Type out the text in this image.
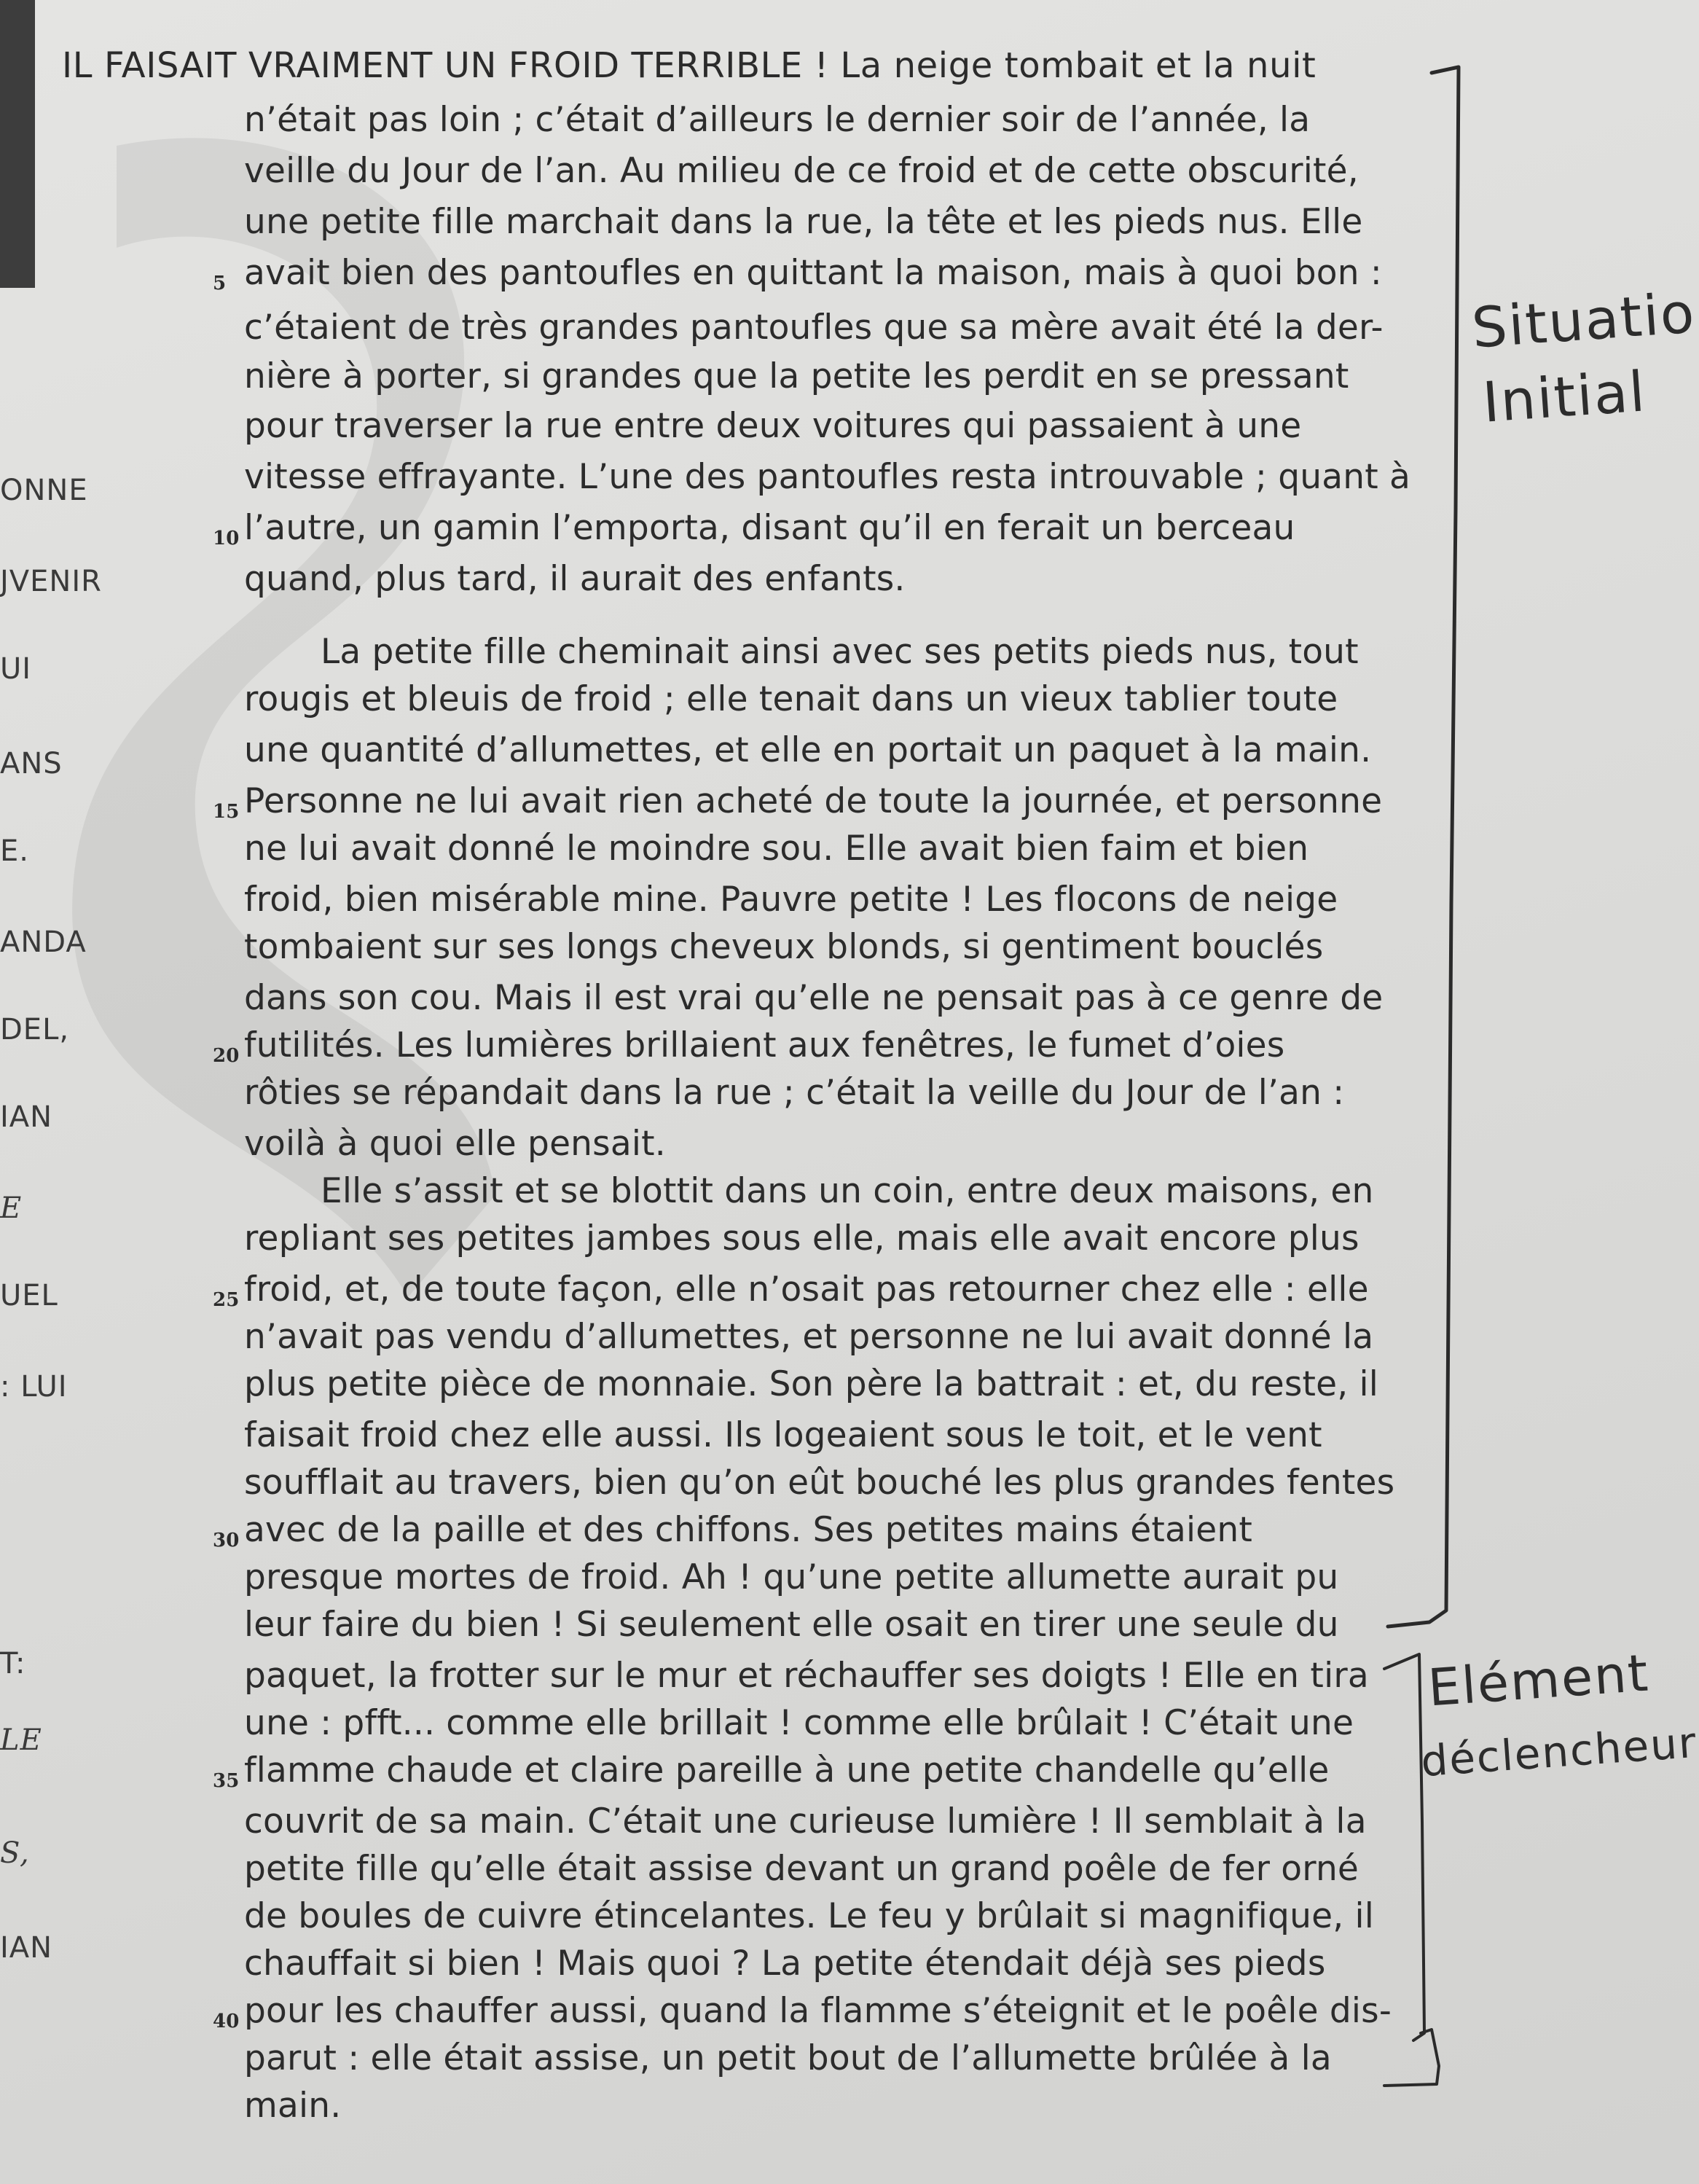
IL FAISAIT VRAIMENT UN FROID TERRIBLE ! La neige tombait et la nuit
n’était pas loin ; c’était d’ailleurs le dernier soir de l’année, la
veille du Jour de l’an. Au milieu de ce froid et de cette obscurité,
une petite fille marchait dans la rue, la tête et les pieds nus. Elle
avait bien des pantoufles en quittant la maison, mais à quoi bon :
5
c’étaient de très grandes pantoufles que sa mère avait été la der-
nière à porter, si grandes que la petite les perdit en se pressant
pour traverser la rue entre deux voitures qui passaient à une
vitesse effrayante. L’une des pantoufles resta introuvable ; quant à
l’autre, un gamin l’emporta, disant qu’il en ferait un berceau
10
quand, plus tard, il aurait des enfants.
La petite fille cheminait ainsi avec ses petits pieds nus, tout
rougis et bleuis de froid ; elle tenait dans un vieux tablier toute
une quantité d’allumettes, et elle en portait un paquet à la main.
Personne ne lui avait rien acheté de toute la journée, et personne
15
ne lui avait donné le moindre sou. Elle avait bien faim et bien
froid, bien misérable mine. Pauvre petite ! Les flocons de neige
tombaient sur ses longs cheveux blonds, si gentiment bouclés
dans son cou. Mais il est vrai qu’elle ne pensait pas à ce genre de
futilités. Les lumières brillaient aux fenêtres, le fumet d’oies
20
rôties se répandait dans la rue ; c’était la veille du Jour de l’an :
voilà à quoi elle pensait.
Elle s’assit et se blottit dans un coin, entre deux maisons, en
repliant ses petites jambes sous elle, mais elle avait encore plus
froid, et, de toute façon, elle n’osait pas retourner chez elle : elle
25
n’avait pas vendu d’allumettes, et personne ne lui avait donné la
plus petite pièce de monnaie. Son père la battrait : et, du reste, il
faisait froid chez elle aussi. Ils logeaient sous le toit, et le vent
soufflait au travers, bien qu’on eût bouché les plus grandes fentes
avec de la paille et des chiffons. Ses petites mains étaient
30
presque mortes de froid. Ah ! qu’une petite allumette aurait pu
leur faire du bien ! Si seulement elle osait en tirer une seule du
paquet, la frotter sur le mur et réchauffer ses doigts ! Elle en tira
une : pfft... comme elle brillait ! comme elle brûlait ! C’était une
flamme chaude et claire pareille à une petite chandelle qu’elle
35
couvrit de sa main. C’était une curieuse lumière ! Il semblait à la
petite fille qu’elle était assise devant un grand poêle de fer orné
de boules de cuivre étincelantes. Le feu y brûlait si magnifique, il
chauffait si bien ! Mais quoi ? La petite étendait déjà ses pieds
pour les chauffer aussi, quand la flamme s’éteignit et le poêle dis-
40
parut : elle était assise, un petit bout de l’allumette brûlée à la
main.
ONNE
JVENIR
UI
ANS
E.
ANDA
DEL,
IAN
E
UEL
: LUI
T:
LE
S,
IAN
Situatio
Initial
Elément
déclencheur
